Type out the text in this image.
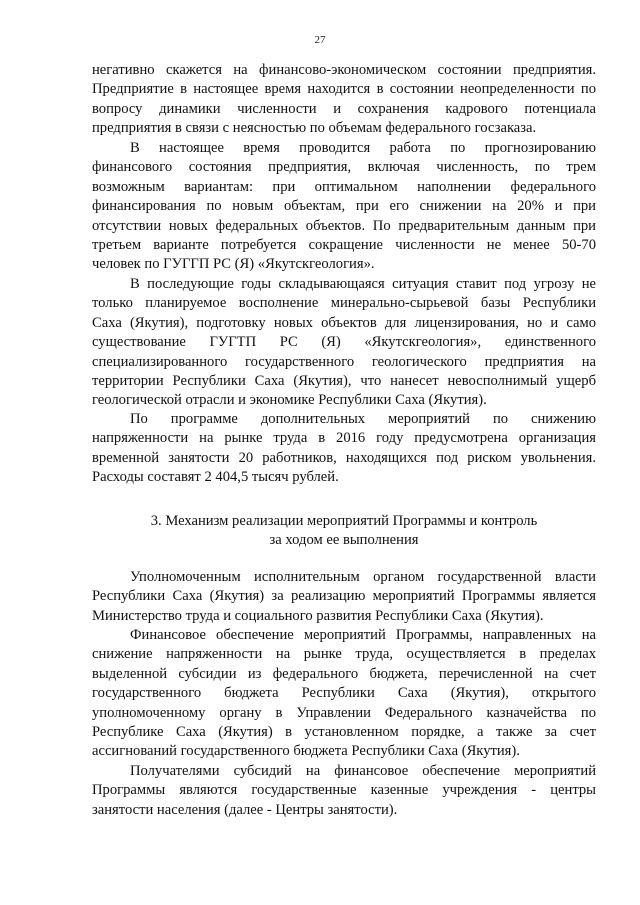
27
негативно скажется на финансово-экономическом состоянии предприятия.
Предприятие в настоящее время находится в состоянии неопределенности по
вопросу динамики численности и сохранения кадрового потенциала
предприятия в связи с неясностью по объемам федерального госзаказа.
В настоящее время проводится работа по прогнозированию
финансового состояния предприятия, включая численность, по трем
возможным вариантам: при оптимальном наполнении федерального
финансирования по новым объектам, при его снижении на 20% и при
отсутствии новых федеральных объектов. По предварительным данным при
третьем варианте потребуется сокращение численности не менее 50-70
человек по ГУГГП РС (Я) «Якутскгеология».
В последующие годы складывающаяся ситуация ставит под угрозу не
только планируемое восполнение минерально-сырьевой базы Республики
Саха (Якутия), подготовку новых объектов для лицензирования, но и само
существование ГУГТП РС (Я) «Якутскгеология», единственного
специализированного государственного геологического предприятия на
территории Республики Саха (Якутия), что нанесет невосполнимый ущерб
геологической отрасли и экономике Республики Саха (Якутия).
По программе дополнительных мероприятий по снижению
напряженности на рынке труда в 2016 году предусмотрена организация
временной занятости 20 работников, находящихся под риском увольнения.
Расходы составят 2 404,5 тысяч рублей.
3. Механизм реализации мероприятий Программы и контроль
за ходом ее выполнения
Уполномоченным исполнительным органом государственной власти
Республики Саха (Якутия) за реализацию мероприятий Программы является
Министерство труда и социального развития Республики Саха (Якутия).
Финансовое обеспечение мероприятий Программы, направленных на
снижение напряженности на рынке труда, осуществляется в пределах
выделенной субсидии из федерального бюджета, перечисленной на счет
государственного бюджета Республики Саха (Якутия), открытого
уполномоченному органу в Управлении Федерального казначейства по
Республике Саха (Якутия) в установленном порядке, а также за счет
ассигнований государственного бюджета Республики Саха (Якутия).
Получателями субсидий на финансовое обеспечение мероприятий
Программы являются государственные казенные учреждения - центры
занятости населения (далее - Центры занятости).
